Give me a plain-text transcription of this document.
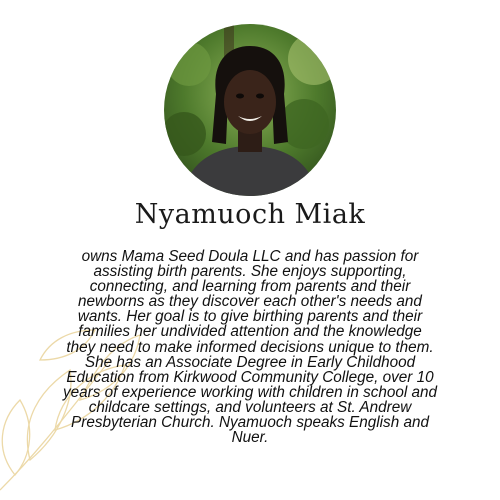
Nyamuoch Miak
owns Mama Seed Doula LLC and has passion for
assisting birth parents. She enjoys supporting,
connecting, and learning from parents and their
newborns as they discover each other's needs and
wants. Her goal is to give birthing parents and their
families her undivided attention and the knowledge
they need to make informed decisions unique to them.
She has an Associate Degree in Early Childhood
Education from Kirkwood Community College, over 10
years of experience working with children in school and
childcare settings, and volunteers at St. Andrew
Presbyterian Church. Nyamuoch speaks English and
Nuer.
